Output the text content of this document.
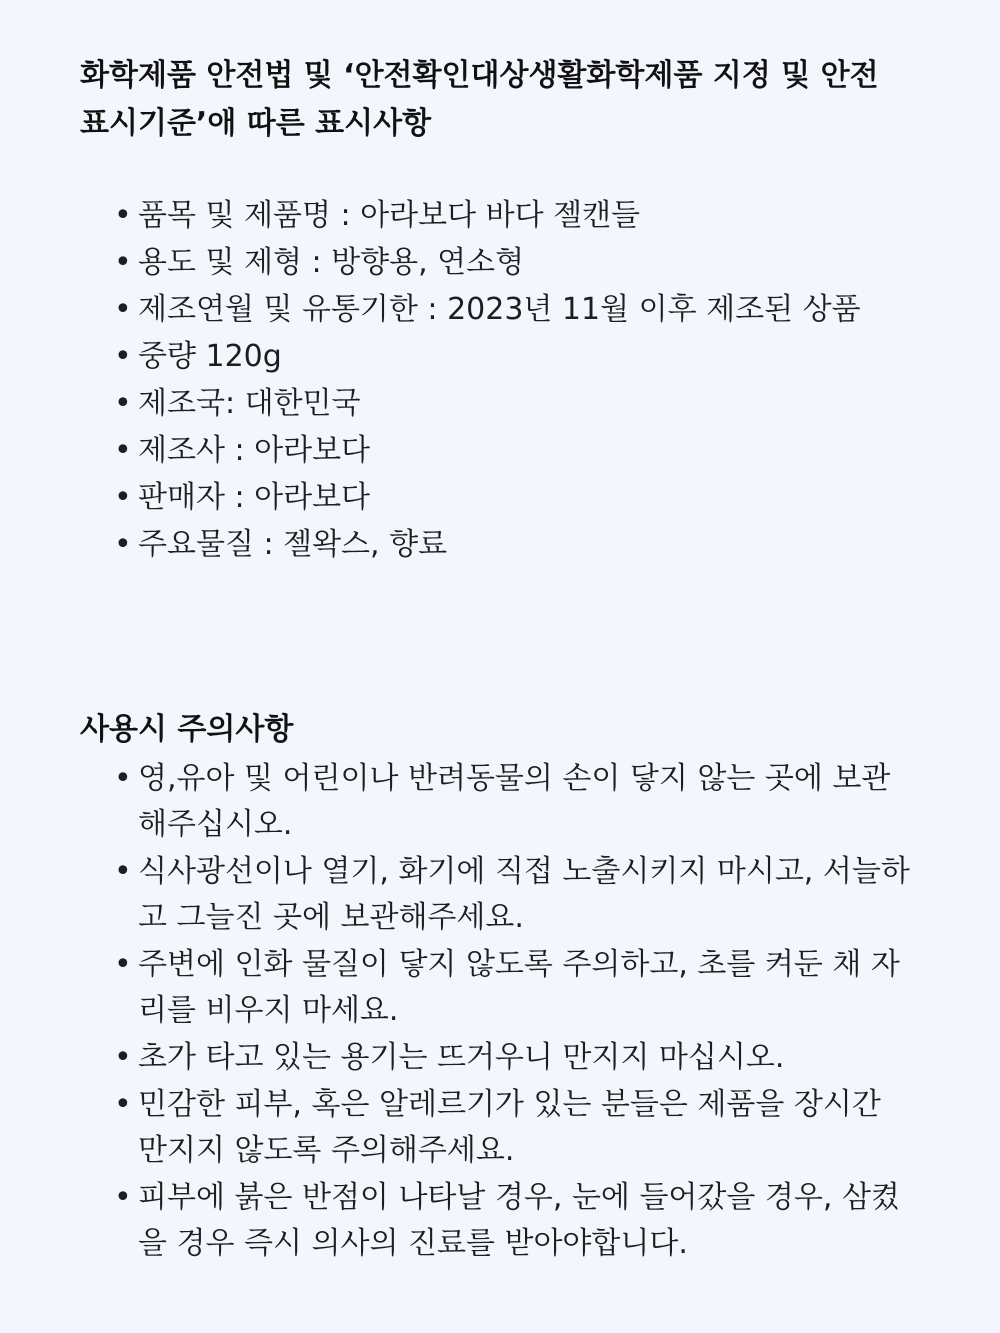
화학제품 안전법 및 ‘안전확인대상생활화학제품 지정 및 안전 표시기준’애 따른 표시사항
• 품목 및 제품명 : 아라보다 바다 젤캔들
• 용도 및 제형 : 방향용, 연소형
• 제조연월 및 유통기한 : 2023년 11월 이후 제조된 상품
• 중량 120g
• 제조국: 대한민국
• 제조사 : 아라보다
• 판매자 : 아라보다
• 주요물질 : 젤왁스, 향료
사용시 주의사항
• 영,유아 및 어린이나 반려동물의 손이 닿지 않는 곳에 보관해주십시오.
• 식사광선이나 열기, 화기에 직접 노출시키지 마시고, 서늘하고 그늘진 곳에 보관해주세요.
• 주변에 인화 물질이 닿지 않도록 주의하고, 초를 켜둔 채 자리를 비우지 마세요.
• 초가 타고 있는 용기는 뜨거우니 만지지 마십시오.
• 민감한 피부, 혹은 알레르기가 있는 분들은 제품을 장시간 만지지 않도록 주의해주세요.
• 피부에 붉은 반점이 나타날 경우, 눈에 들어갔을 경우, 삼켰을 경우 즉시 의사의 진료를 받아야합니다.
